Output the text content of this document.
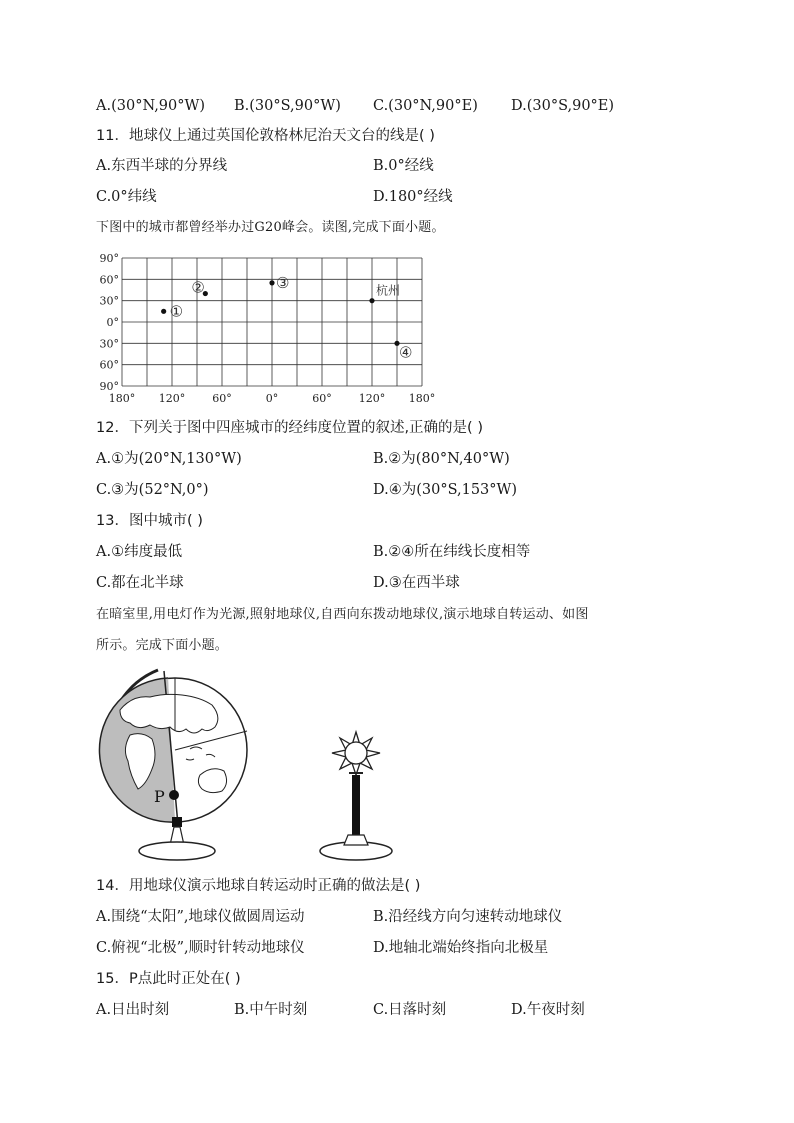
A.(30°N,90°W) B.(30°S,90°W) C.(30°N,90°E) D.(30°S,90°E)
11．地球仪上通过英国伦敦格林尼治天文台的线是( )
A.东西半球的分界线	B.0°经线
C.0°纬线	D.180°经线
下图中的城市都曾经举办过G20峰会。读图,完成下面小题。
90°
60°
30°
0°
30°
60°
90°
180° 120° 60°	0°	60° 120° 180°
①
②	③	杭州
④
12．下列关于图中四座城市的经纬度位置的叙述,正确的是( )
A.①为(20°N,130°W)	B.②为(80°N,40°W)
C.③为(52°N,0°)	D.④为(30°S,153°W)
13．图中城市( )
A.①纬度最低	B.②④所在纬线长度相等
C.都在北半球	D.③在西半球
在暗室里,用电灯作为光源,照射地球仪,自西向东拨动地球仪,演示地球自转运动、如图
所示。完成下面小题。
P
14．用地球仪演示地球自转运动时正确的做法是( )
A.围绕“太阳”,地球仪做圆周运动	B.沿经线方向匀速转动地球仪
C.俯视“北极”,顺时针转动地球仪	D.地轴北端始终指向北极星
15．P点此时正处在( )
A.日出时刻	B.中午时刻	C.日落时刻	D.午夜时刻
